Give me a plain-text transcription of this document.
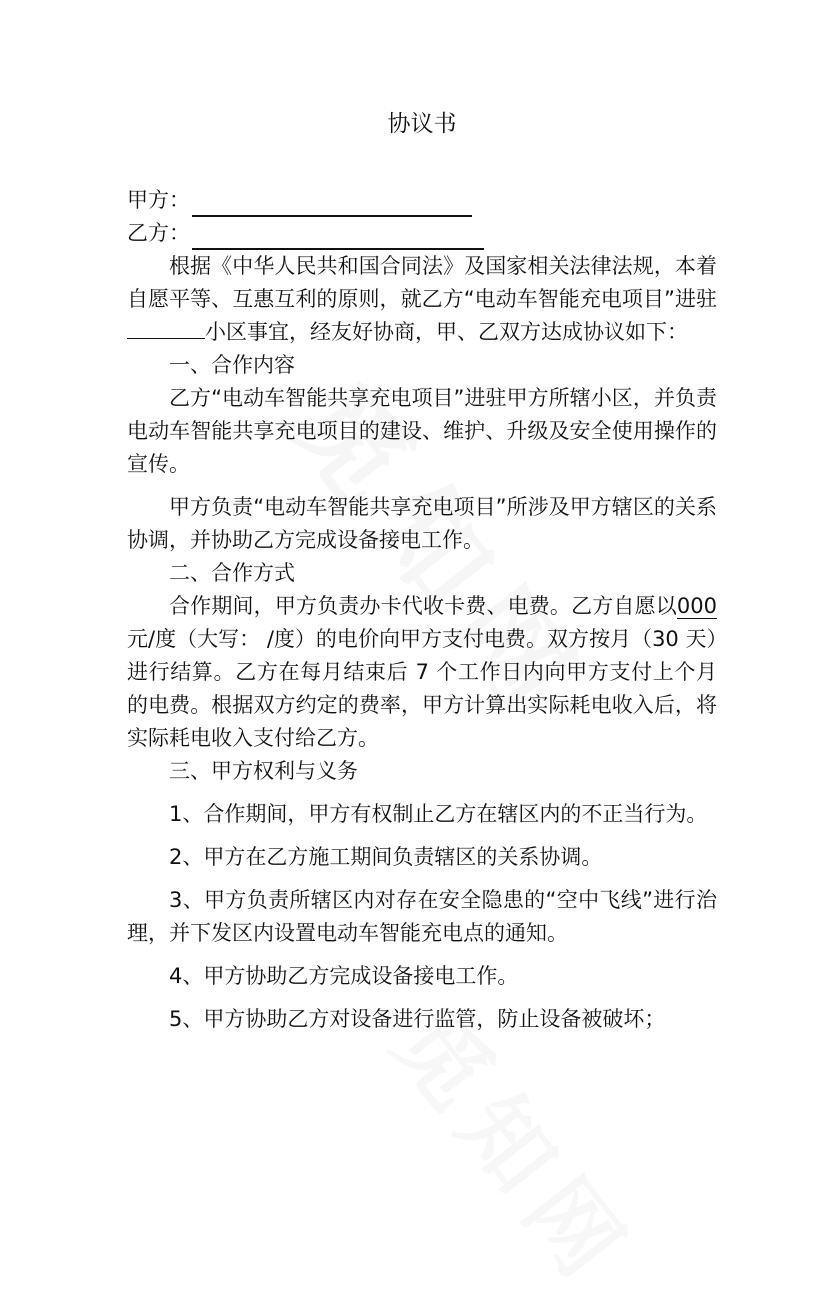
协议书
甲方：
乙方：

根据《中华人民共和国合同法》及国家相关法律法规，本着自愿平等、互惠互利的原则，就乙方“电动车智能充电项目”进驻小区事宜，经友好协商，甲、乙双方达成协议如下：

一、合作内容

乙方“电动车智能共享充电项目”进驻甲方所辖小区，并负责电动车智能共享充电项目的建设、维护、升级及安全使用操作的宣传。

甲方负责“电动车智能共享充电项目”所涉及甲方辖区的关系协调，并协助乙方完成设备接电工作。

二、合作方式

合作期间，甲方负责办卡代收卡费、电费。乙方自愿以000元/度（大写： /度）的电价向甲方支付电费。双方按月（30 天）进行结算。乙方在每月结束后 7 个工作日内向甲方支付上个月的电费。根据双方约定的费率，甲方计算出实际耗电收入后，将实际耗电收入支付给乙方。

三、甲方权利与义务

1、合作期间，甲方有权制止乙方在辖区内的不正当行为。

2、甲方在乙方施工期间负责辖区的关系协调。

3、甲方负责所辖区内对存在安全隐患的“空中飞线”进行治理，并下发区内设置电动车智能充电点的通知。

4、甲方协助乙方完成设备接电工作。

5、甲方协助乙方对设备进行监管，防止设备被破坏；
